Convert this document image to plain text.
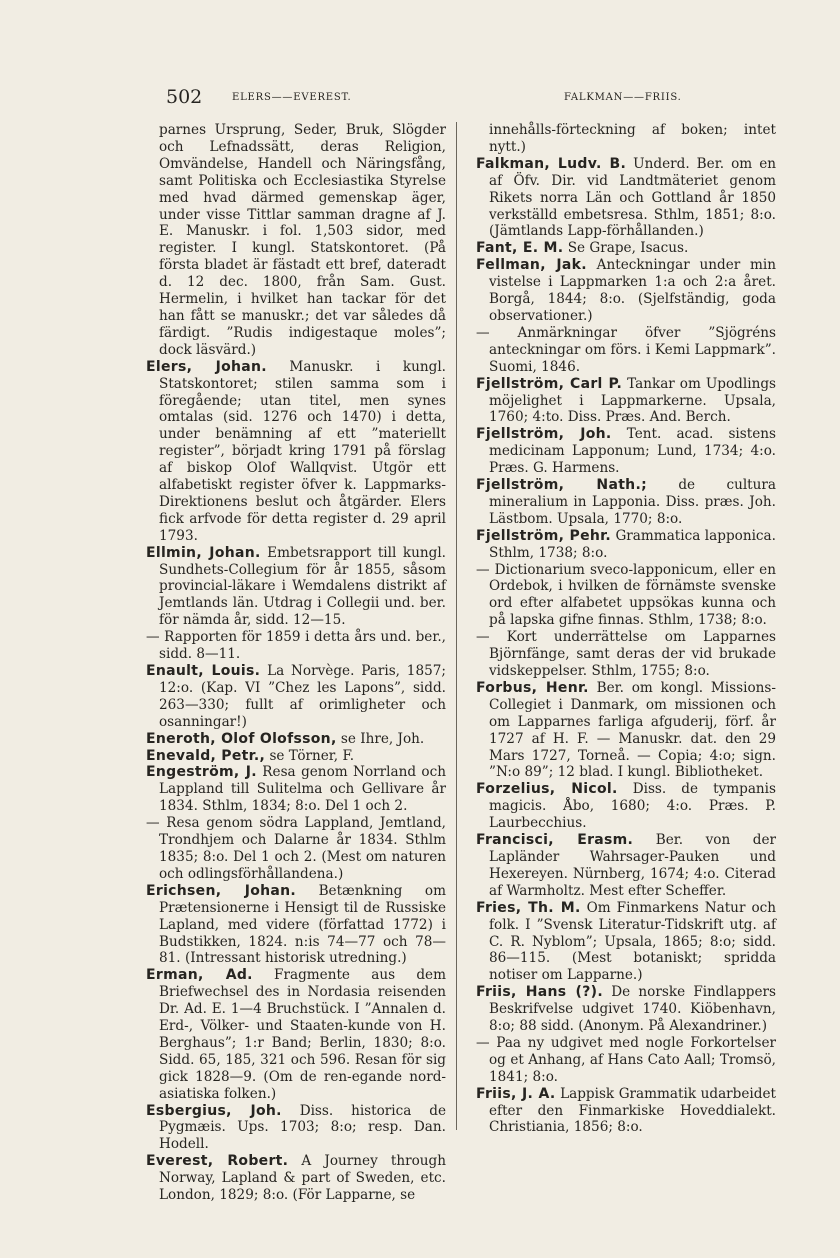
502	ELERS——EVEREST.	FALKMAN——FRIIS.

parnes Ursprung, Seder, Bruk, Slögder och Lefnadssätt, deras Religion, Omvändelse, Handell och Näringsfång, samt Politiska och Ecclesiastika Styrelse med hvad därmed gemenskap äger, under visse Tittlar samman dragne af J. E. Manuskr. i fol. 1,503 sidor, med register. I kungl. Statskontoret. (På första bladet är fästadt ett bref, dateradt d. 12 dec. 1800, från Sam. Gust. Hermelin, i hvilket han tackar för det han fått se manuskr.; det var således då färdigt. ”Rudis indigestaque moles”; dock läsvärd.)

Elers, Johan. Manuskr. i kungl. Statskontoret; stilen samma som i föregående; utan titel, men synes omtalas (sid. 1276 och 1470) i detta, under benämning af ett ”materiellt register”, börjadt kring 1791 på förslag af biskop Olof Wallqvist. Utgör ett alfabetiskt register öfver k. Lappmarks-Direktionens beslut och åtgärder. Elers fick arfvode för detta register d. 29 april 1793.

Ellmin, Johan. Embetsrapport till kungl. Sundhets-Collegium för år 1855, såsom provincial-läkare i Wemdalens distrikt af Jemtlands län. Utdrag i Collegii und. ber. för nämda år, sidd. 12—15.

— Rapporten för 1859 i detta års und. ber., sidd. 8—11.

Enault, Louis. La Norvège. Paris, 1857; 12:o. (Kap. VI ”Chez les Lapons”, sidd. 263—330; fullt af orimligheter och osanningar!)

Eneroth, Olof Olofsson, se Ihre, Joh.

Enevald, Petr., se Törner, F.

Engeström, J. Resa genom Norrland och Lappland till Sulitelma och Gellivare år 1834. Sthlm, 1834; 8:o. Del 1 och 2.

— Resa genom södra Lappland, Jemtland, Trondhjem och Dalarne år 1834. Sthlm 1835; 8:o. Del 1 och 2. (Mest om naturen och odlingsförhållandena.)

Erichsen, Johan. Betænkning om Prætensionerne i Hensigt til de Russiske Lapland, med videre (författad 1772) i Budstikken, 1824. n:is 74—77 och 78—81. (Intressant historisk utredning.)

Erman, Ad. Fragmente aus dem Briefwechsel des in Nordasia reisenden Dr. Ad. E. 1—4 Bruchstück. I ”Annalen d. Erd-, Völker- und Staaten-kunde von H. Berghaus”; 1:r Band; Berlin, 1830; 8:o. Sidd. 65, 185, 321 och 596. Resan för sig gick 1828—9. (Om de ren-egande nord-asiatiska folken.)

Esbergius, Joh. Diss. historica de Pygmæis. Ups. 1703; 8:o; resp. Dan. Hodell.

Everest, Robert. A Journey through Norway, Lapland & part of Sweden, etc. London, 1829; 8:o. (För Lapparne, se

innehålls-förteckning af boken; intet nytt.)

Falkman, Ludv. B. Underd. Ber. om en af Öfv. Dir. vid Landtmäteriet genom Rikets norra Län och Gottland år 1850 verkställd embetsresa. Sthlm, 1851; 8:o. (Jämtlands Lapp-förhållanden.)

Fant, E. M. Se Grape, Isacus.

Fellman, Jak. Anteckningar under min vistelse i Lappmarken 1:a och 2:a året. Borgå, 1844; 8:o. (Sjelfständig, goda observationer.)

— Anmärkningar öfver ”Sjögréns anteckningar om förs. i Kemi Lappmark”. Suomi, 1846.

Fjellström, Carl P. Tankar om Upodlings möjelighet i Lappmarkerne. Upsala, 1760; 4:to. Diss. Præs. And. Berch.

Fjellström, Joh. Tent. acad. sistens medicinam Lapponum; Lund, 1734; 4:o. Præs. G. Harmens.

Fjellström, Nath.; de cultura mineralium in Lapponia. Diss. præs. Joh. Lästbom. Upsala, 1770; 8:o.

Fjellström, Pehr. Grammatica lapponica. Sthlm, 1738; 8:o.

— Dictionarium sveco-lapponicum, eller en Ordebok, i hvilken de förnämste svenske ord efter alfabetet uppsökas kunna och på lapska gifne finnas. Sthlm, 1738; 8:o.

— Kort underrättelse om Lapparnes Björnfänge, samt deras der vid brukade vidskeppelser. Sthlm, 1755; 8:o.

Forbus, Henr. Ber. om kongl. Missions-Collegiet i Danmark, om missionen och om Lapparnes farliga afguderij, förf. år 1727 af H. F. — Manuskr. dat. den 29 Mars 1727, Torneå. — Copia; 4:o; sign. ”N:o 89”; 12 blad. I kungl. Bibliotheket.

Forzelius, Nicol. Diss. de tympanis magicis. Åbo, 1680; 4:o. Præs. P. Laurbecchius.

Francisci, Erasm. Ber. von der Lapländer Wahrsager-Pauken und Hexereyen. Nürnberg, 1674; 4:o. Citerad af Warmholtz. Mest efter Scheffer.

Fries, Th. M. Om Finmarkens Natur och folk. I ”Svensk Literatur-Tidskrift utg. af C. R. Nyblom”; Upsala, 1865; 8:o; sidd. 86—115. (Mest botaniskt; spridda notiser om Lapparne.)

Friis, Hans (?). De norske Findlappers Beskrifvelse udgivet 1740. Kiöbenhavn, 8:o; 88 sidd. (Anonym. På Alexandriner.)

— Paa ny udgivet med nogle Forkortelser og et Anhang, af Hans Cato Aall; Tromsö, 1841; 8:o.

Friis, J. A. Lappisk Grammatik udarbeidet efter den Finmarkiske Hoveddialekt. Christiania, 1856; 8:o.
